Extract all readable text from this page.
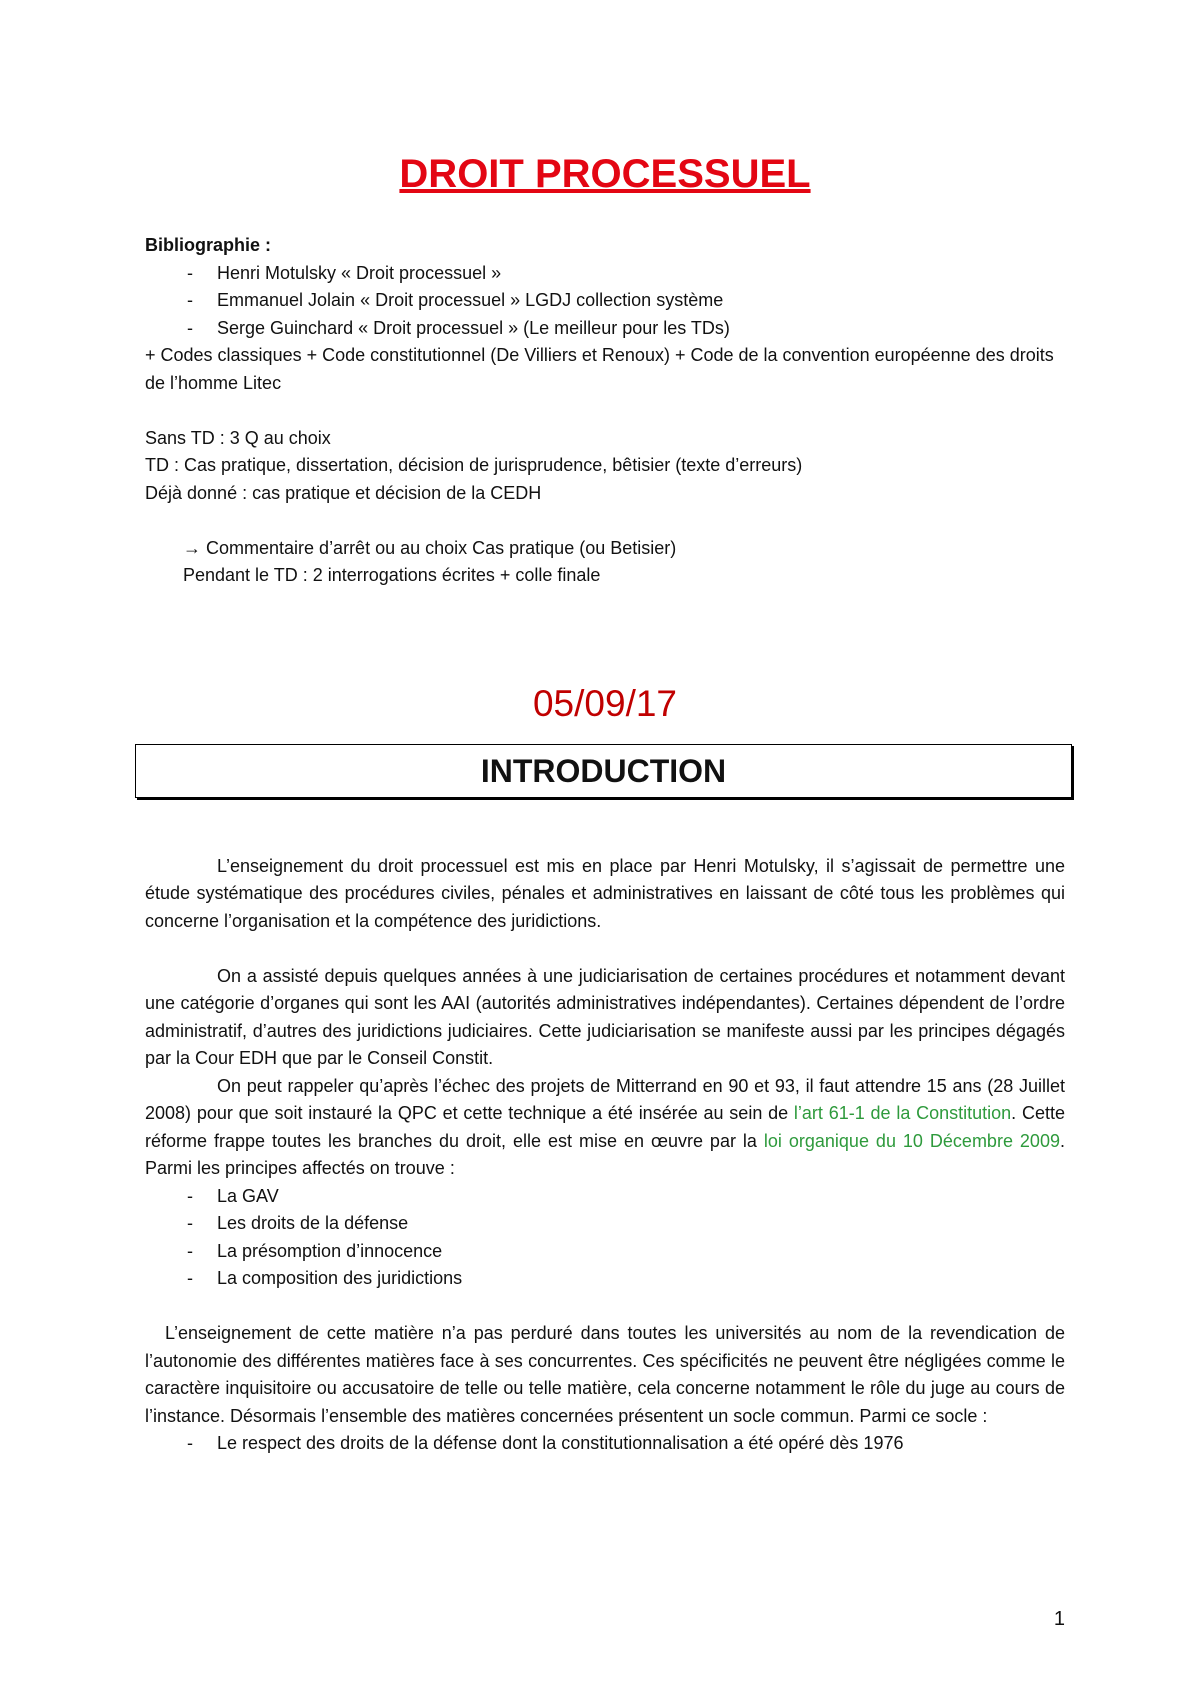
DROIT PROCESSUEL
Bibliographie :
- Henri Motulsky « Droit processuel »
- Emmanuel Jolain « Droit processuel » LGDJ collection système
- Serge Guinchard « Droit processuel » (Le meilleur pour les TDs)
+ Codes classiques + Code constitutionnel (De Villiers et Renoux) + Code de la convention européenne des droits de l’homme Litec
Sans TD : 3 Q au choix
TD : Cas pratique, dissertation, décision de jurisprudence, bêtisier (texte d’erreurs)
Déjà donné : cas pratique et décision de la CEDH
→ Commentaire d’arrêt ou au choix Cas pratique (ou Betisier)
Pendant le TD : 2 interrogations écrites + colle finale
05/09/17
INTRODUCTION
L’enseignement du droit processuel est mis en place par Henri Motulsky, il s’agissait de permettre une étude systématique des procédures civiles, pénales et administratives en laissant de côté tous les problèmes qui concerne l’organisation et la compétence des juridictions.
On a assisté depuis quelques années à une judiciarisation de certaines procédures et notamment devant une catégorie d’organes qui sont les AAI (autorités administratives indépendantes). Certaines dépendent de l’ordre administratif, d’autres des juridictions judiciaires. Cette judiciarisation se manifeste aussi par les principes dégagés par la Cour EDH que par le Conseil Constit.
On peut rappeler qu’après l’échec des projets de Mitterrand en 90 et 93, il faut attendre 15 ans (28 Juillet 2008) pour que soit instauré la QPC et cette technique a été insérée au sein de l’art 61-1 de la Constitution. Cette réforme frappe toutes les branches du droit, elle est mise en œuvre par la loi organique du 10 Décembre 2009. Parmi les principes affectés on trouve :
- La GAV
- Les droits de la défense
- La présomption d’innocence
- La composition des juridictions
L’enseignement de cette matière n’a pas perduré dans toutes les universités au nom de la revendication de l’autonomie des différentes matières face à ses concurrentes. Ces spécificités ne peuvent être négligées comme le caractère inquisitoire ou accusatoire de telle ou telle matière, cela concerne notamment le rôle du juge au cours de l’instance. Désormais l’ensemble des matières concernées présentent un socle commun. Parmi ce socle :
- Le respect des droits de la défense dont la constitutionnalisation a été opéré dès 1976
1
